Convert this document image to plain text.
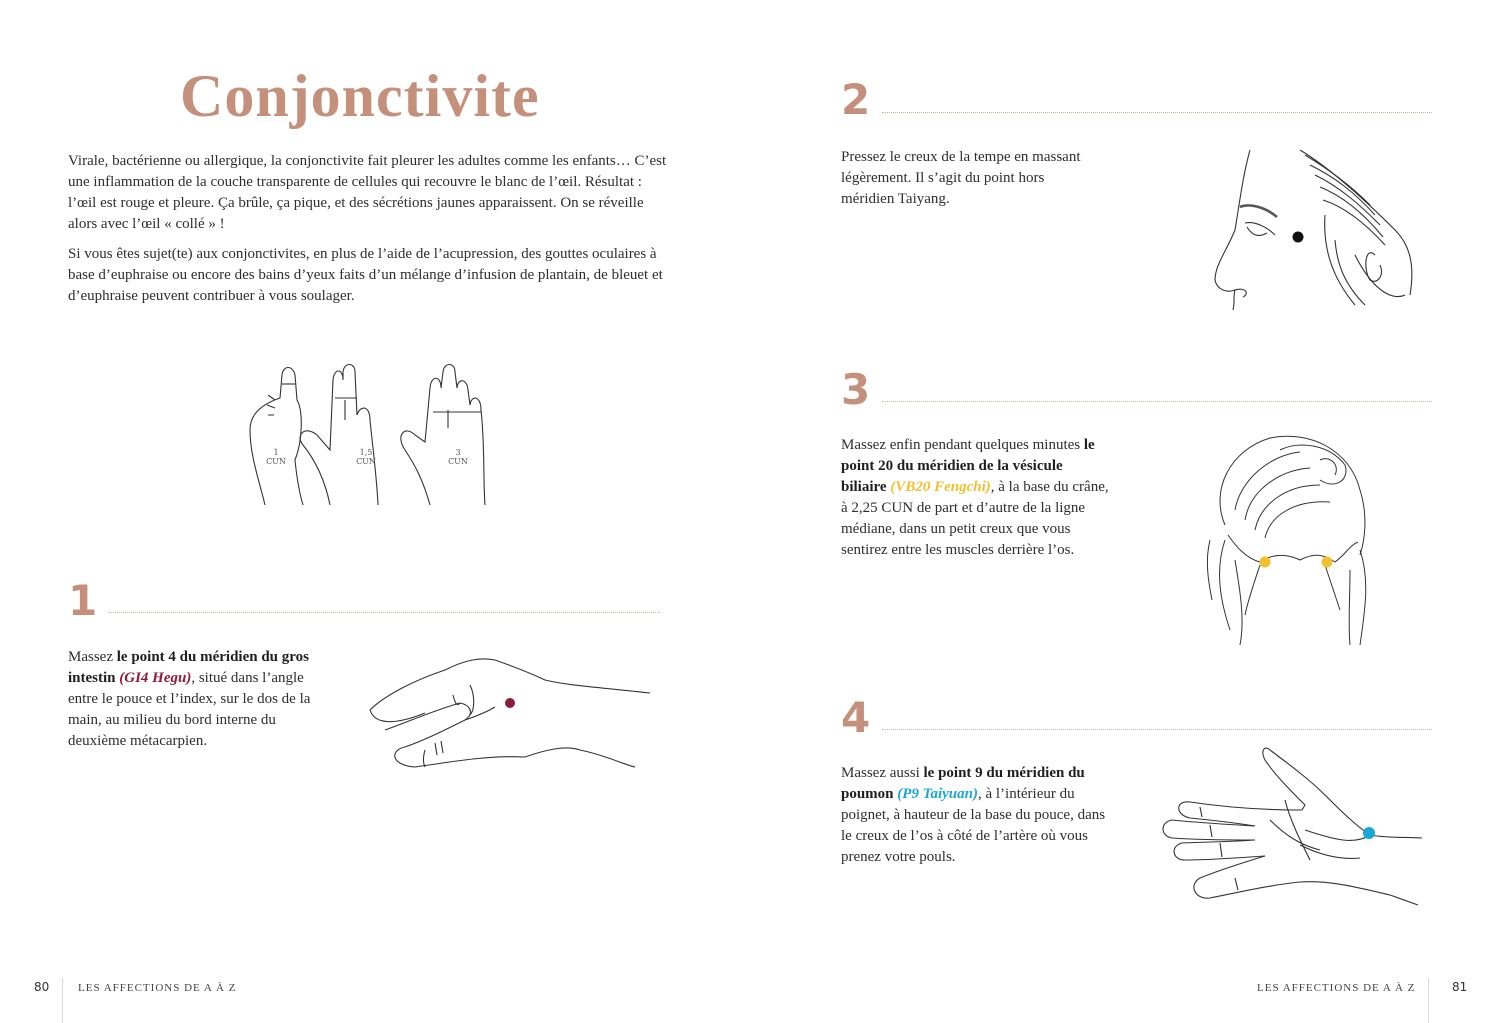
Conjonctivite

Virale, bactérienne ou allergique, la conjonctivite fait pleurer les adultes comme les enfants… C’est une inflammation de la couche transparente de cellules qui recouvre le blanc de l’œil. Résultat : l’œil est rouge et pleure. Ça brûle, ça pique, et des sécrétions jaunes apparaissent. On se réveille alors avec l’œil « collé » !

Si vous êtes sujet(te) aux conjonctivites, en plus de l’aide de l’acupression, des gouttes oculaires à base d’euphraise ou encore des bains d’yeux faits d’un mélange d’infusion de plantain, de bleuet et d’euphraise peuvent contribuer à vous soulager.

1
CUN
1,5
CUN
3
CUN
1

Massez le point 4 du méridien du gros intestin (GI4 Hegu), situé dans l’angle entre le pouce et l’index, sur le dos de la main, au milieu du bord interne du deuxième métacarpien.

80	LES AFFECTIONS DE A À Z
2

Pressez le creux de la tempe en massant légèrement. Il s’agit du point hors méridien Taiyang.

3

Massez enfin pendant quelques minutes le point 20 du méridien de la vésicule biliaire (VB20 Fengchi), à la base du crâne, à 2,25 CUN de part et d’autre de la ligne médiane, dans un petit creux que vous sentirez entre les muscles derrière l’os.

4

Massez aussi le point 9 du méridien du poumon (P9 Taiyuan), à l’intérieur du poignet, à hauteur de la base du pouce, dans le creux de l’os à côté de l’artère où vous prenez votre pouls.

LES AFFECTIONS DE A À Z	81
